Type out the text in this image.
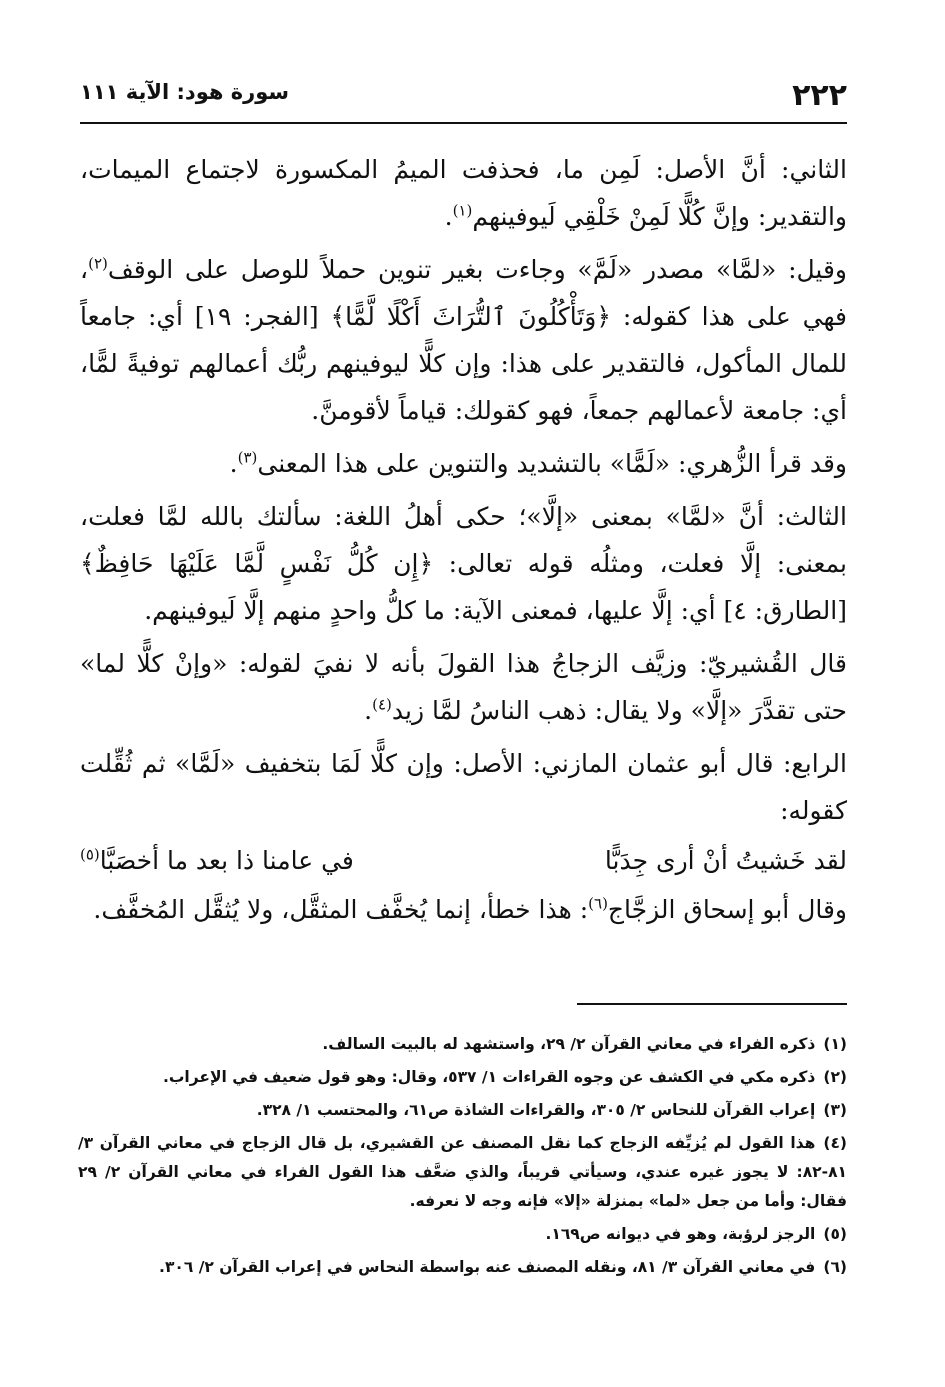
٢٢٢
سورة هود: الآية ١١١

الثاني: أنَّ الأصل: لَمِن ما، فحذفت الميمُ المكسورة لاجتماع الميمات، والتقدير: وإنَّ كُلًّا لَمِنْ خَلْقِي لَيوفينهم$^{(١)}$.

وقيل: «لمَّا» مصدر «لَمَّ» وجاءت بغير تنوين حملاً للوصل على الوقف$^{(٢)}$، فهي على هذا كقوله: ﴿وَتَأْكُلُونَ ٱلتُّرَاثَ أَكْلًا لَّمًّا﴾ [الفجر: ١٩] أي: جامعاً للمال المأكول، فالتقدير على هذا: وإن كلًّا ليوفينهم ربُّك أعمالهم توفيةً لمًّا، أي: جامعة لأعمالهم جمعاً، فهو كقولك: قياماً لأقومنَّ.

وقد قرأ الزُّهري: «لَمًّا» بالتشديد والتنوين على هذا المعنى$^{(٣)}$.

الثالث: أنَّ «لمَّا» بمعنى «إلَّا»؛ حكى أهلُ اللغة: سألتك بالله لمَّا فعلت، بمعنى: إلَّا فعلت، ومثلُه قوله تعالى: ﴿إِن كُلُّ نَفْسٍ لَّمَّا عَلَيْهَا حَافِظٌ﴾ [الطارق: ٤] أي: إلَّا عليها، فمعنى الآية: ما كلُّ واحدٍ منهم إلَّا لَيوفينهم.

قال القُشيريّ: وزيَّف الزجاجُ هذا القولَ بأنه لا نفيَ لقوله: «وإنْ كلًّا لما» حتى تقدَّرَ «إلَّا» ولا يقال: ذهب الناسُ لمَّا زيد$^{(٤)}$.

الرابع: قال أبو عثمان المازني: الأصل: وإن كلًّا لَمَا بتخفيف «لَمَّا» ثم ثُقِّلت كقوله:

لقد خَشيتُ أنْ أرى جِدَبًّا
في عامنا ذا بعد ما أخصَبَّا$^{(٥)}$

وقال أبو إسحاق الزجَّاج$^{(٦)}$: هذا خطأ، إنما يُخفَّف المثقَّل، ولا يُثقَّل المُخفَّف.

(١)ذكره الفراء في معاني القرآن ٢/ ٢٩، واستشهد له بالبيت السالف.

(٢)ذكره مكي في الكشف عن وجوه القراءات ١/ ٥٣٧، وقال: وهو قول ضعيف في الإعراب.

(٣)إعراب القرآن للنحاس ٢/ ٣٠٥، والقراءات الشاذة ص٦١، والمحتسب ١/ ٣٢٨.

(٤)هذا القول لم يُزيِّفه الزجاج كما نقل المصنف عن القشيري، بل قال الزجاج في معاني القرآن ٣/ ٨١-٨٢: لا يجوز غيره عندي، وسيأتي قريباً، والذي ضعَّف هذا القول الفراء في معاني القرآن ٢/ ٢٩ فقال: وأما من جعل «لما» بمنزلة «إلا» فإنه وجه لا نعرفه.

(٥)الرجز لرؤبة، وهو في ديوانه ص١٦٩.

(٦)في معاني القرآن ٣/ ٨١، ونقله المصنف عنه بواسطة النحاس في إعراب القرآن ٢/ ٣٠٦.
